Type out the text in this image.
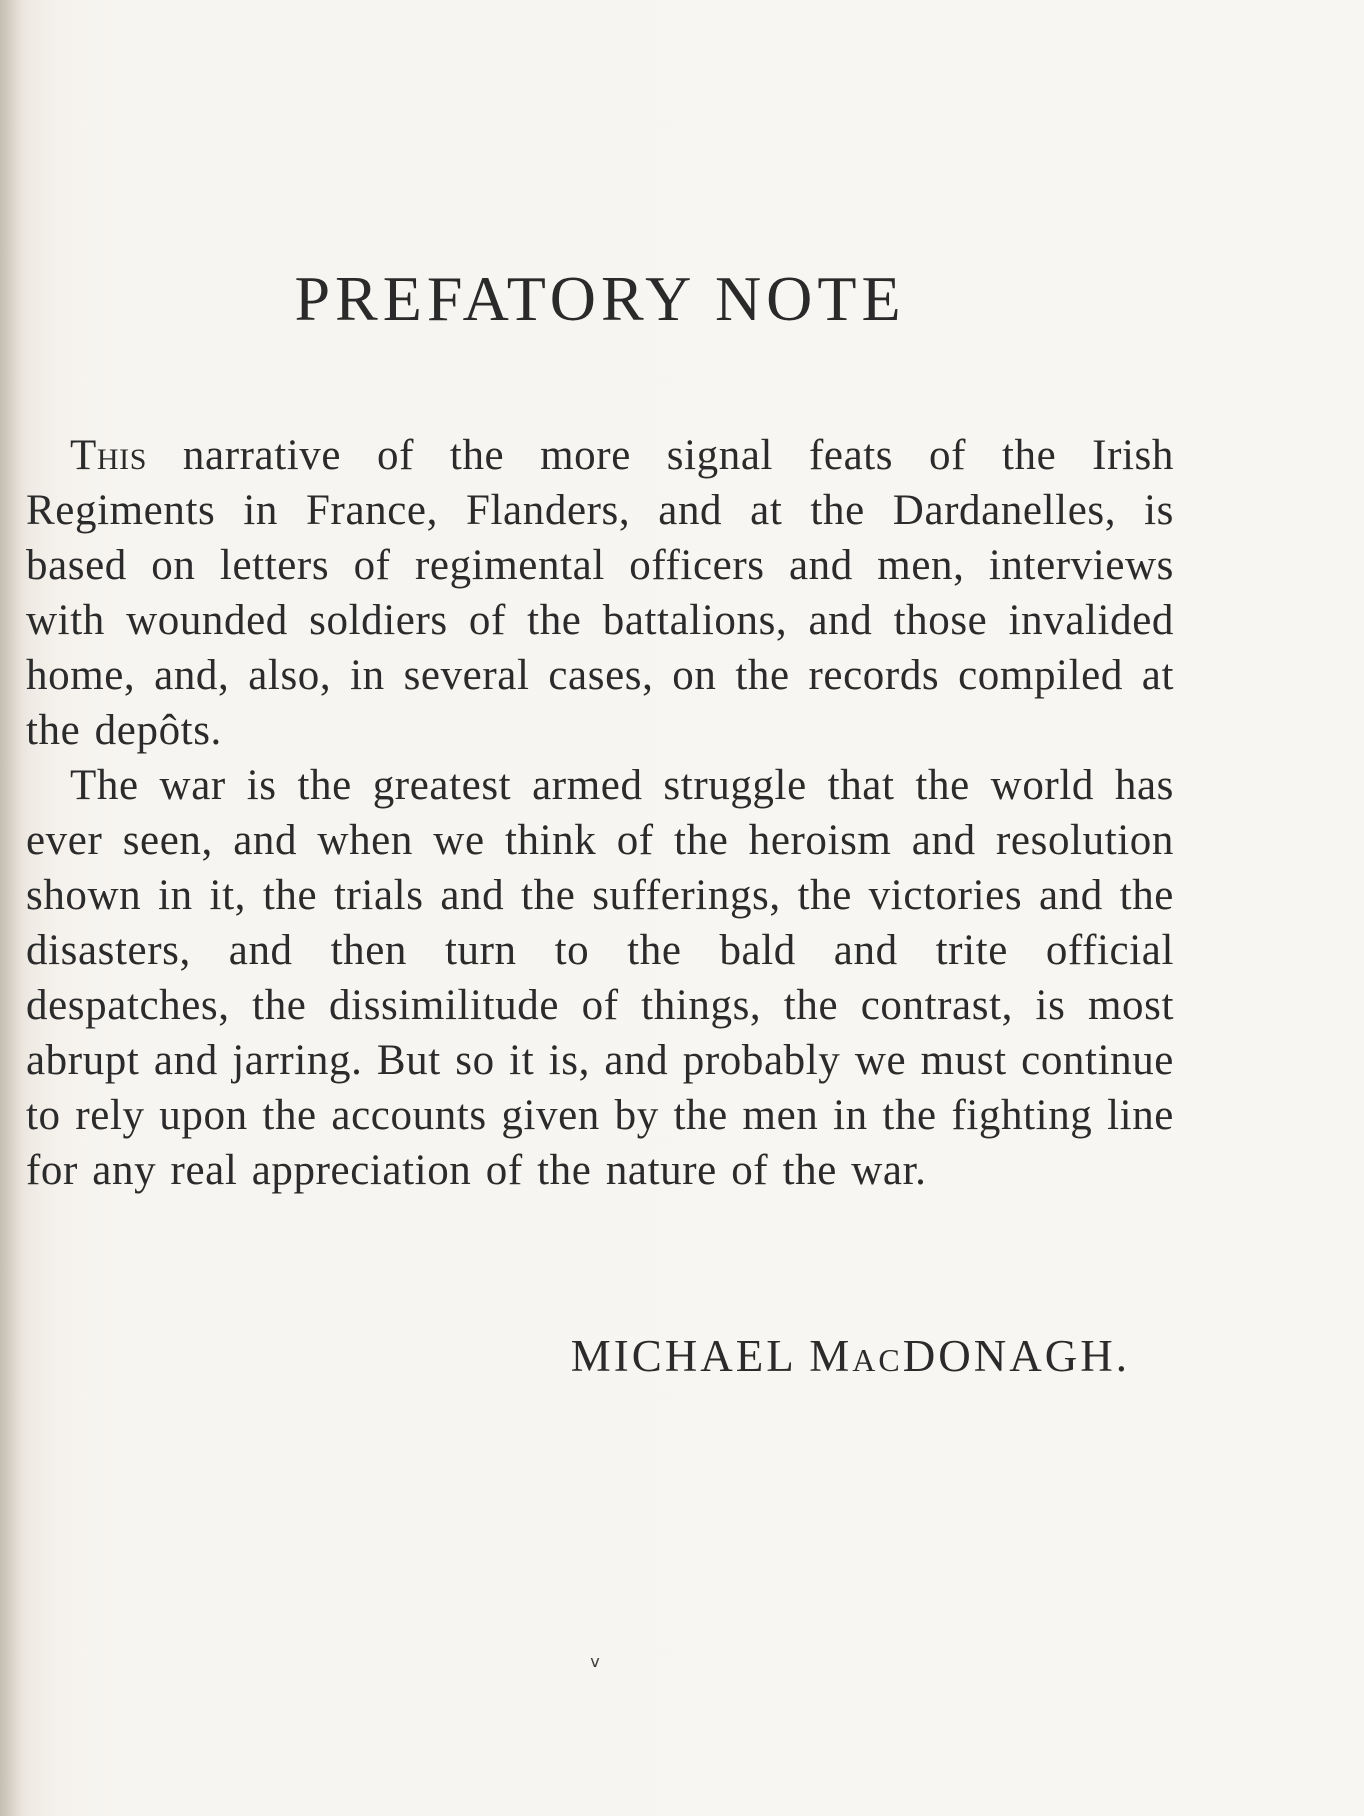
PREFATORY NOTE

This narrative of the more signal feats of the Irish Regiments in France, Flanders, and at the Dardanelles, is based on letters of regimental officers and men, interviews with wounded soldiers of the battalions, and those invalided home, and, also, in several cases, on the records compiled at the depôts.

The war is the greatest armed struggle that the world has ever seen, and when we think of the heroism and resolution shown in it, the trials and the sufferings, the victories and the disasters, and then turn to the bald and trite official despatches, the dissimilitude of things, the contrast, is most abrupt and jarring. But so it is, and probably we must continue to rely upon the accounts given by the men in the fighting line for any real appreciation of the nature of the war.

MICHAEL MacDONAGH.

v
